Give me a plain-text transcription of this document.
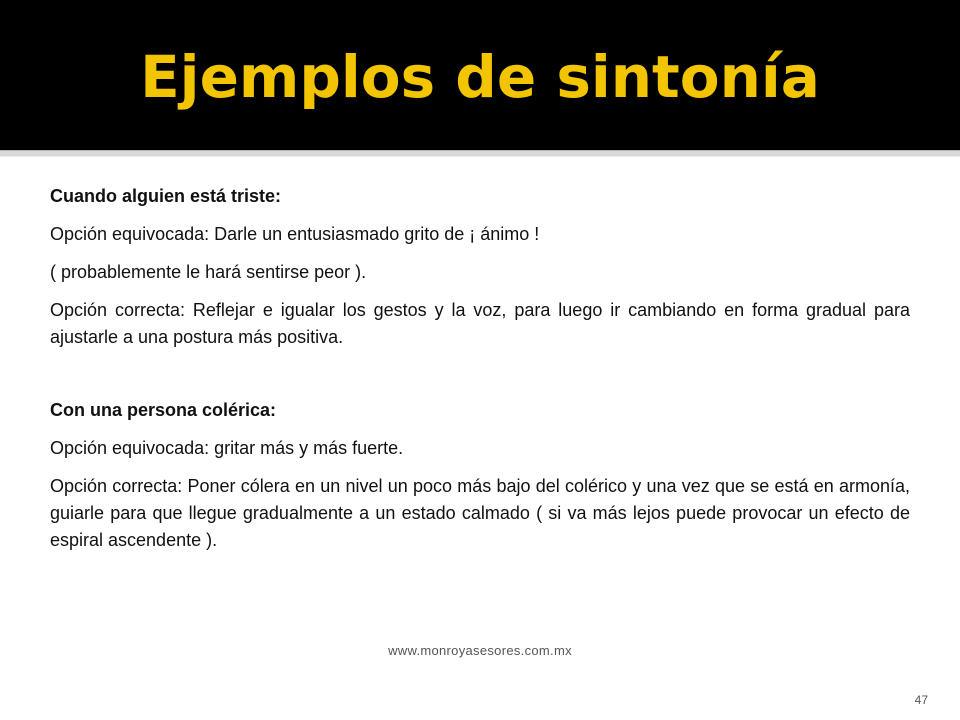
Ejemplos de sintonía

Cuando alguien está triste:

Opción equivocada: Darle un entusiasmado grito de ¡ ánimo !

( probablemente le hará sentirse peor ).

Opción correcta: Reflejar e igualar los gestos y la voz, para luego ir cambiando en forma gradual para ajustarle a una postura más positiva.

Con una persona colérica:

Opción equivocada: gritar más y más fuerte.

Opción correcta: Poner cólera en un nivel un poco más bajo del colérico y una vez que se está en armonía, guiarle para que llegue gradualmente a un estado calmado ( si va más lejos puede provocar un efecto de espiral ascendente ).

www.monroyasesores.com.mx
47
